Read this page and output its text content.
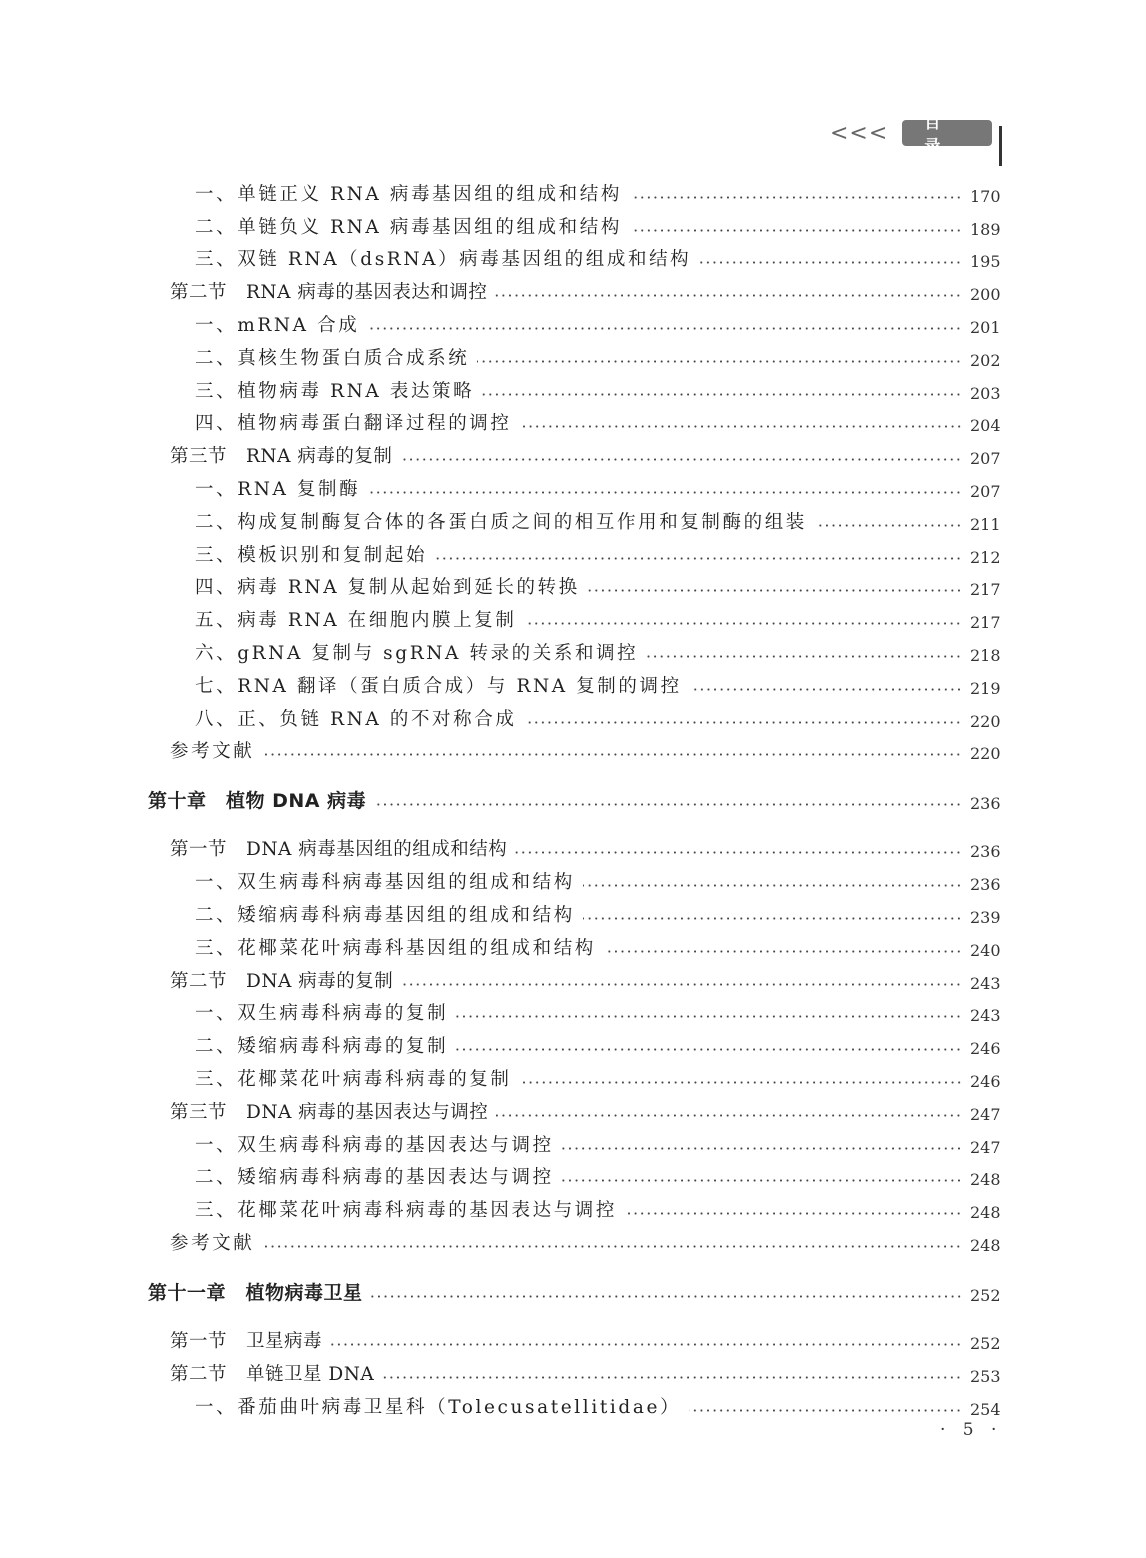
<<<	目录
一、单链正义 RNA 病毒基因组的组成和结构	170
二、单链负义 RNA 病毒基因组的组成和结构	189
三、双链 RNA（dsRNA）病毒基因组的组成和结构	195
第二节　RNA 病毒的基因表达和调控	200
一、mRNA 合成	201
二、真核生物蛋白质合成系统	202
三、植物病毒 RNA 表达策略	203
四、植物病毒蛋白翻译过程的调控	204
第三节　RNA 病毒的复制	207
一、RNA 复制酶	207
二、构成复制酶复合体的各蛋白质之间的相互作用和复制酶的组装	211
三、模板识别和复制起始	212
四、病毒 RNA 复制从起始到延长的转换	217
五、病毒 RNA 在细胞内膜上复制	217
六、gRNA 复制与 sgRNA 转录的关系和调控	218
七、RNA 翻译（蛋白质合成）与 RNA 复制的调控	219
八、正、负链 RNA 的不对称合成	220
参考文献	220
第十章　植物 DNA 病毒	236
第一节　DNA 病毒基因组的组成和结构	236
一、双生病毒科病毒基因组的组成和结构	236
二、矮缩病毒科病毒基因组的组成和结构	239
三、花椰菜花叶病毒科基因组的组成和结构	240
第二节　DNA 病毒的复制	243
一、双生病毒科病毒的复制	243
二、矮缩病毒科病毒的复制	246
三、花椰菜花叶病毒科病毒的复制	246
第三节　DNA 病毒的基因表达与调控	247
一、双生病毒科病毒的基因表达与调控	247
二、矮缩病毒科病毒的基因表达与调控	248
三、花椰菜花叶病毒科病毒的基因表达与调控	248
参考文献	248
第十一章　植物病毒卫星	252
第一节　卫星病毒	252
第二节　单链卫星 DNA	253
一、番茄曲叶病毒卫星科（Tolecusatellitidae）	254
· 5 ·
